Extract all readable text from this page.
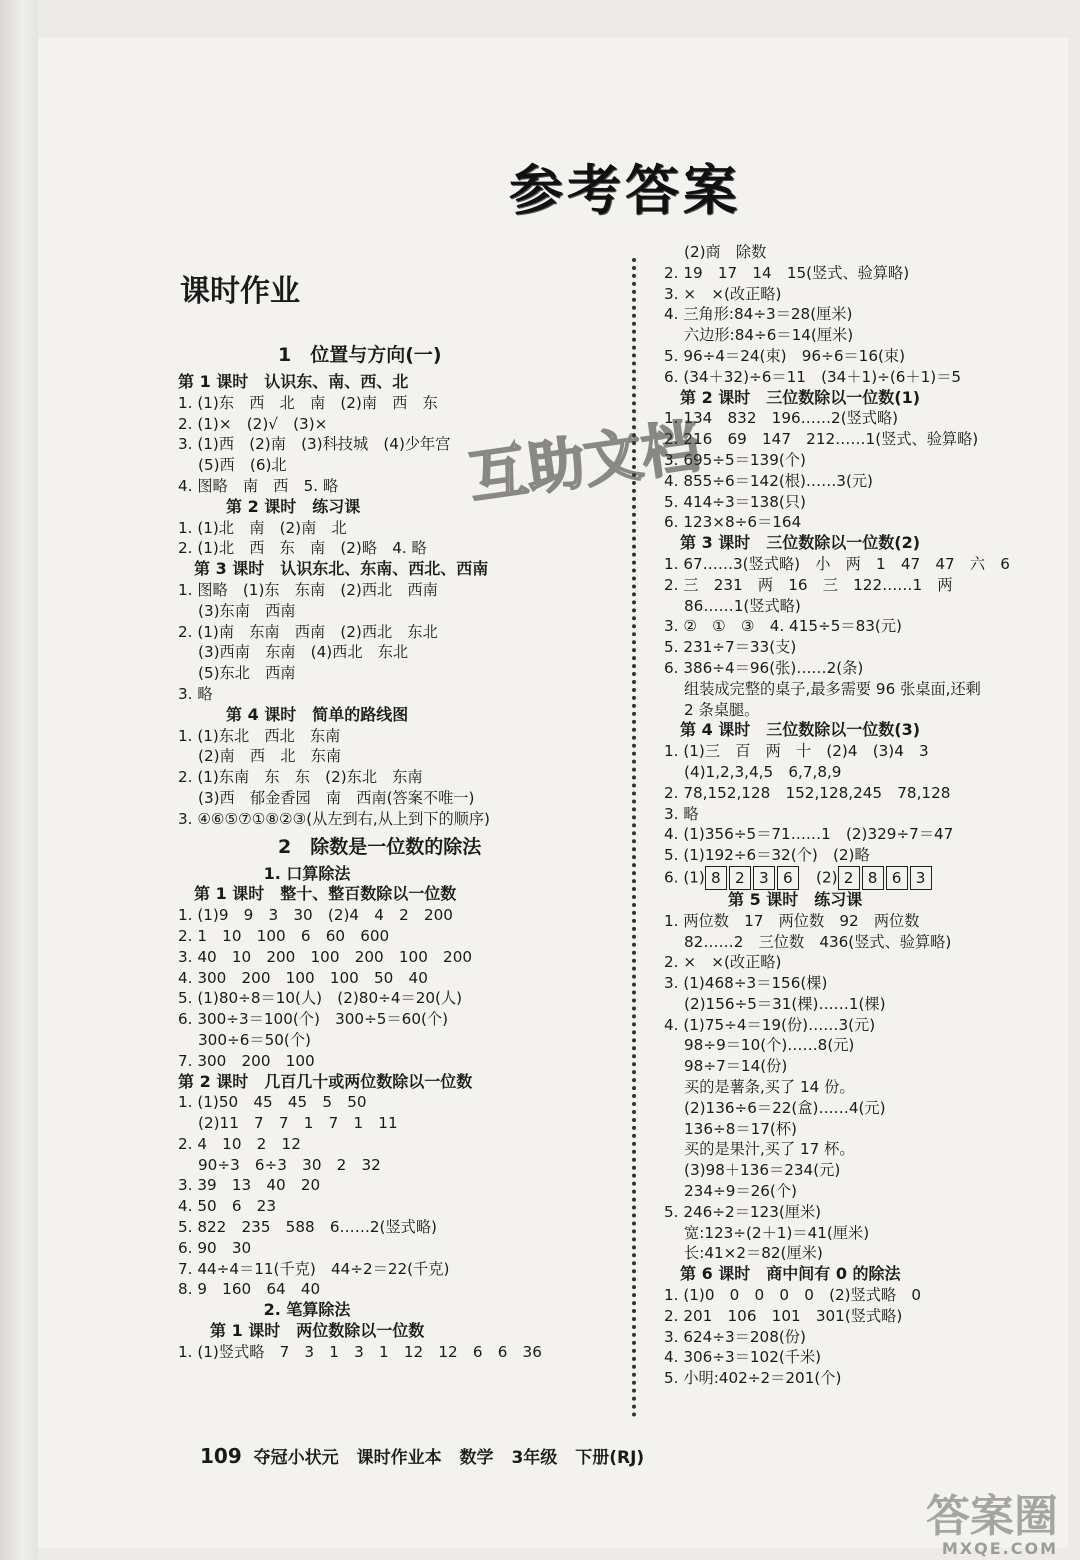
参考答案
课时作业
1　位置与方向(一)
第 1 课时　认识东、南、西、北
1. (1)东　西　北　南　(2)南　西　东
2. (1)×　(2)√　(3)×
3. (1)西　(2)南　(3)科技城　(4)少年宫
　 (5)西　(6)北
4. 图略　南　西　5. 略
　　　第 2 课时　练习课
1. (1)北　南　(2)南　北
2. (1)北　西　东　南　(2)略　4. 略
　第 3 课时　认识东北、东南、西北、西南
1. 图略　(1)东　东南　(2)西北　西南
　 (3)东南　西南
2. (1)南　东南　西南　(2)西北　东北
　 (3)西南　东南　(4)西北　东北
　 (5)东北　西南
3. 略
　　　第 4 课时　简单的路线图
1. (1)东北　西北　东南
　 (2)南　西　北　东南
2. (1)东南　东　东　(2)东北　东南
　 (3)西　郁金香园　南　西南(答案不唯一)
3. ④⑥⑤⑦①⑧②③(从左到右,从上到下的顺序)
2　除数是一位数的除法
　　　　　 1. 口算除法
　第 1 课时　整十、整百数除以一位数
1. (1)9　9　3　30　(2)4　4　2　200
2. 1　10　100　6　60　600
3. 40　10　200　100　200　100　200
4. 300　200　100　100　50　40
5. (1)80÷8＝10(人)　(2)80÷4＝20(人)
6. 300÷3＝100(个)　300÷5＝60(个)
　 300÷6＝50(个)
7. 300　200　100
第 2 课时　几百几十或两位数除以一位数
1. (1)50　45　45　5　50
　 (2)11　7　7　1　7　1　11
2. 4　10　2　12
　 90÷3　6÷3　30　2　32
3. 39　13　40　20
4. 50　6　23
5. 822　235　588　6……2(竖式略)
6. 90　30
7. 44÷4＝11(千克)　44÷2＝22(千克)
8. 9　160　64　40
　　　　　 2. 笔算除法
　　第 1 课时　两位数除以一位数
1. (1)竖式略　7　3　1　3　1　12　12　6　6　36
　 (2)商　除数
2. 19　17　14　15(竖式、验算略)
3. ×　×(改正略)
4. 三角形:84÷3＝28(厘米)
　 六边形:84÷6＝14(厘米)
5. 96÷4＝24(束)　96÷6＝16(束)
6. (34＋32)÷6＝11　(34＋1)÷(6＋1)＝5
　第 2 课时　三位数除以一位数(1)
1. 134　832　196……2(竖式略)
2. 216　69　147　212……1(竖式、验算略)
3. 695÷5＝139(个)
4. 855÷6＝142(根)……3(元)
5. 414÷3＝138(只)
6. 123×8÷6＝164
　第 3 课时　三位数除以一位数(2)
1. 67……3(竖式略)　小　两　1　47　47　六　6
2. 三　231　两　16　三　122……1　两
　 86……1(竖式略)
3. ②　①　③　4. 415÷5＝83(元)
5. 231÷7＝33(支)
6. 386÷4＝96(张)……2(条)
　 组装成完整的桌子,最多需要 96 张桌面,还剩
　 2 条桌腿。
　第 4 课时　三位数除以一位数(3)
1. (1)三　百　两　十　(2)4　(3)4　3
　 (4)1,2,3,4,5　6,7,8,9
2. 78,152,128　152,128,245　78,128
3. 略
4. (1)356÷5＝71……1　(2)329÷7＝47
5. (1)192÷6＝32(个)　(2)略
6. (1) 8 2 3 6　(2) 2 8 6 3
　　　　第 5 课时　练习课
1. 两位数　17　两位数　92　两位数
　 82……2　三位数　436(竖式、验算略)
2. ×　×(改正略)
3. (1)468÷3＝156(棵)
　 (2)156÷5＝31(棵)……1(棵)
4. (1)75÷4＝19(份)……3(元)
　 98÷9＝10(个)……8(元)
　 98÷7＝14(份)
　 买的是薯条,买了 14 份。
　 (2)136÷6＝22(盒)……4(元)
　 136÷8＝17(杯)
　 买的是果汁,买了 17 杯。
　 (3)98＋136＝234(元)
　 234÷9＝26(个)
5. 246÷2＝123(厘米)
　 宽:123÷(2＋1)＝41(厘米)
　 长:41×2＝82(厘米)
　第 6 课时　商中间有 0 的除法
1. (1)0　0　0　0　0　(2)竖式略　0
2. 201　106　101　301(竖式略)
3. 624÷3＝208(份)
4. 306÷3＝102(千米)
5. 小明:402÷2＝201(个)
互助文档
109 夺冠小状元 课时作业本 数学 3年级 下册(RJ)
答案圈
MXQE.COM
